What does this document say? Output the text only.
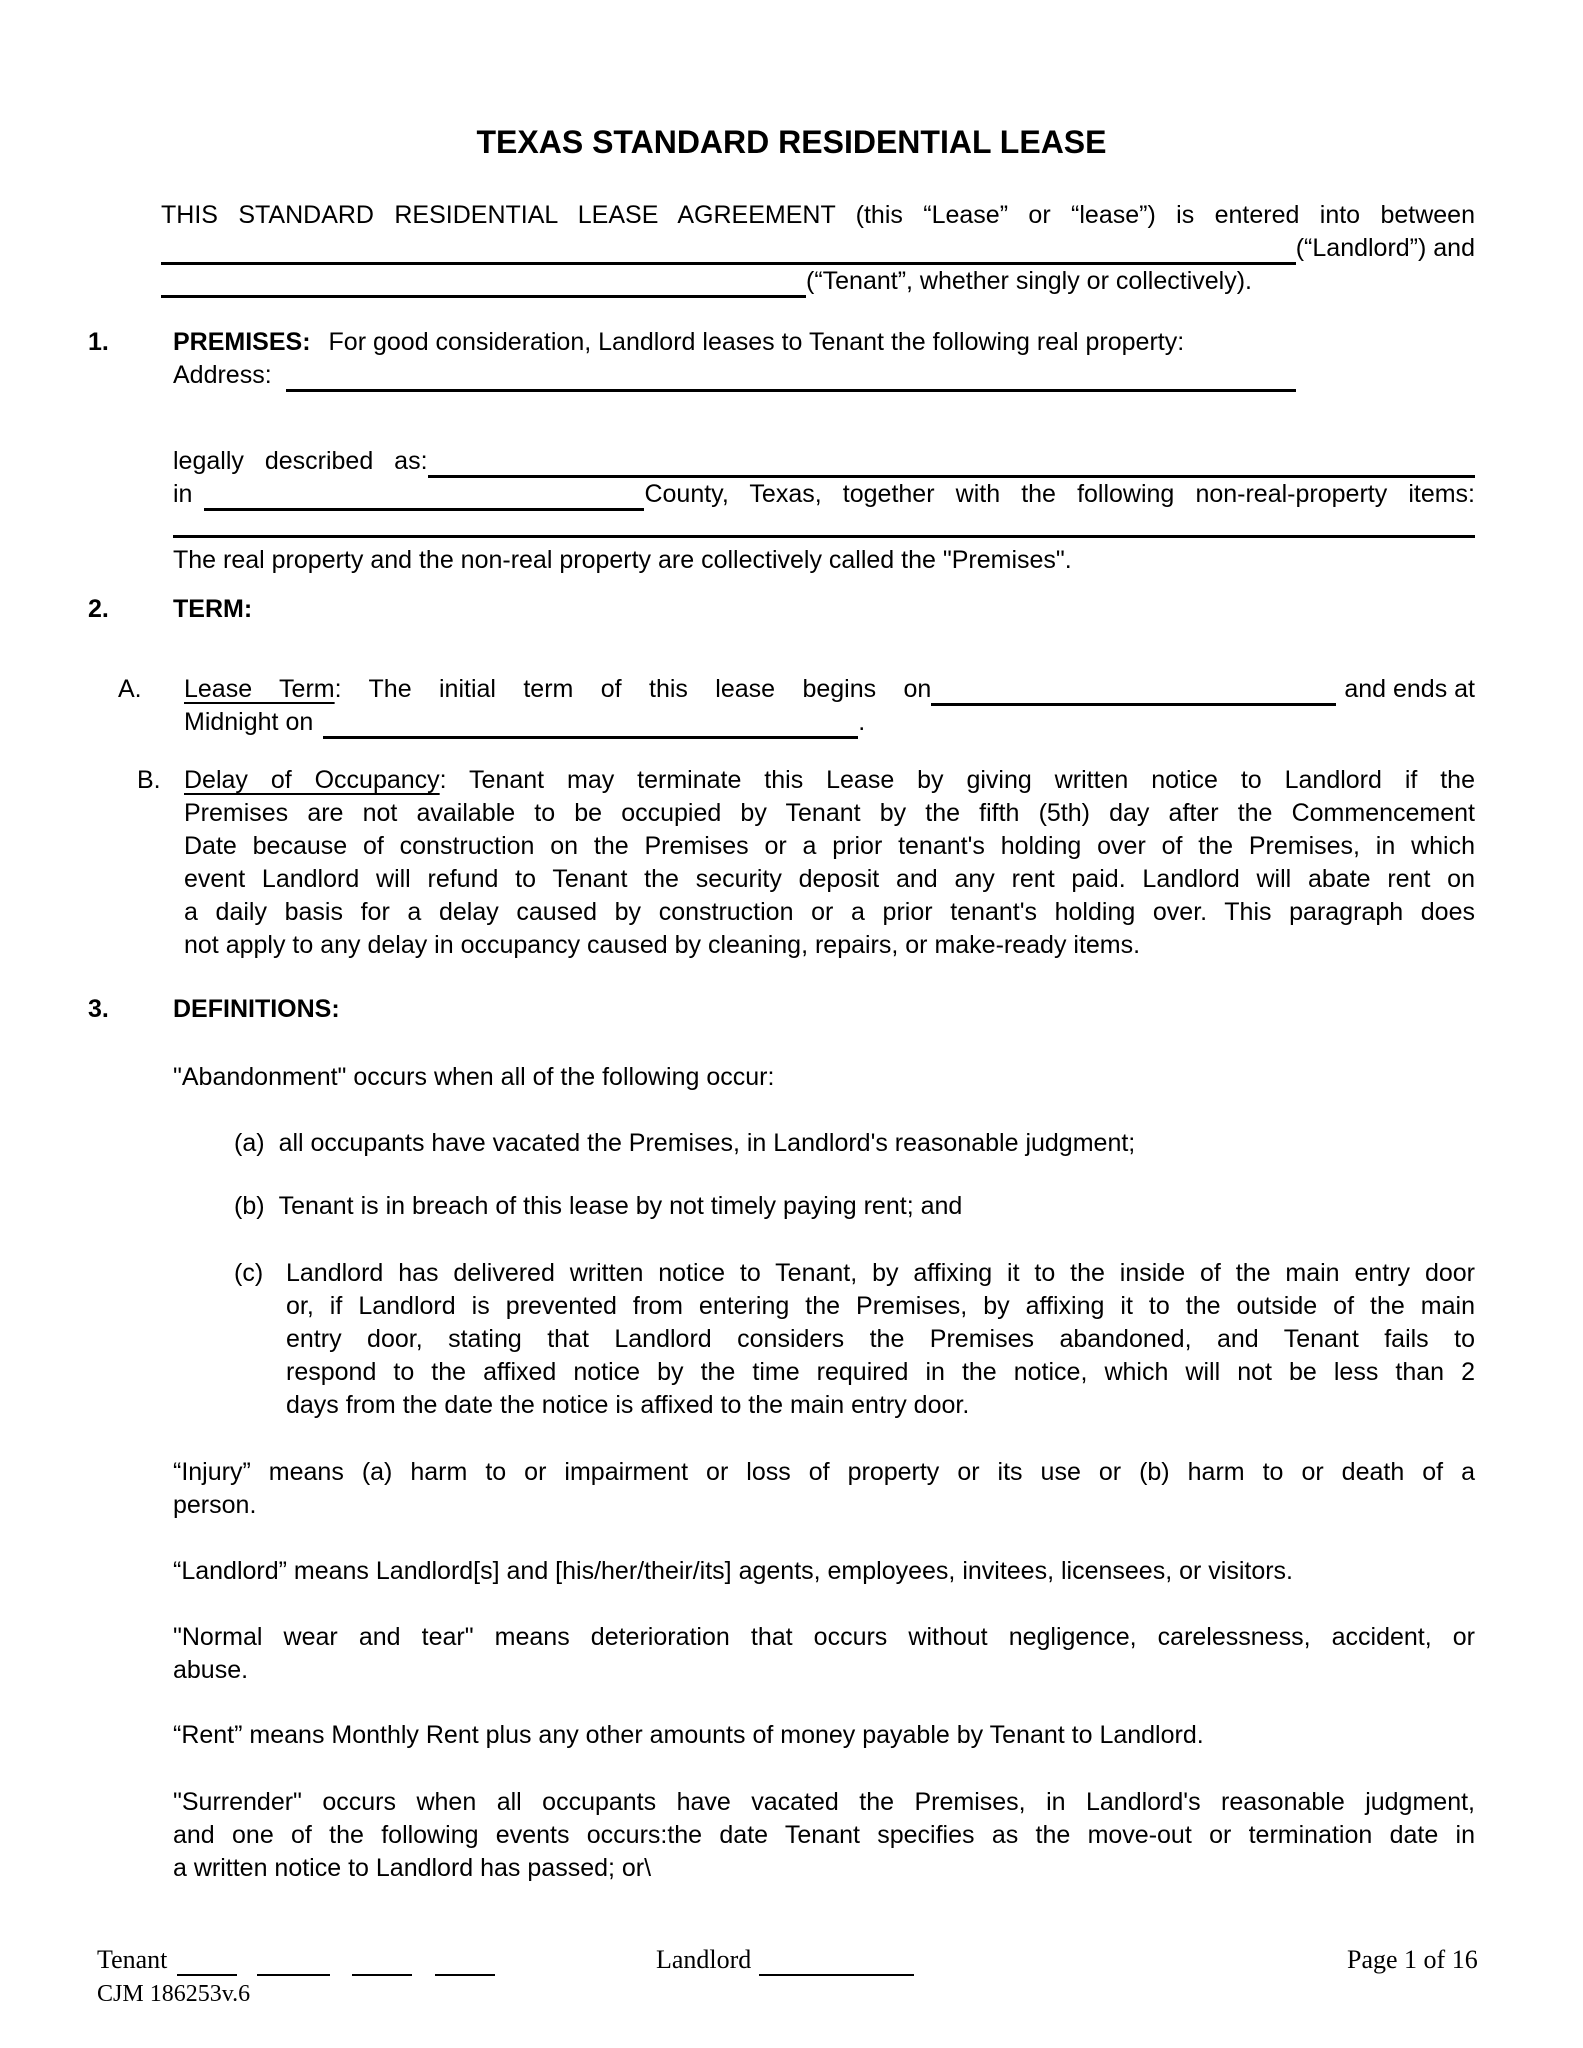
TEXAS STANDARD RESIDENTIAL LEASE
THIS STANDARD RESIDENTIAL LEASE AGREEMENT (this “Lease” or “lease”) is entered into between
(“Landlord”) and
(“Tenant”, whether singly or collectively).
1.	PREMISES: For good consideration, Landlord leases to Tenant the following real property:
Address:
legally described as:
in	County, Texas, together with the following non-real-property items:
The real property and the non-real property are collectively called the "Premises".
2.	TERM:
A. Lease Term: The initial term of this lease begins on	and ends at
Midnight on	.
B. Delay of Occupancy: Tenant may terminate this Lease by giving written notice to Landlord if the
Premises are not available to be occupied by Tenant by the fifth (5th) day after the Commencement
Date because of construction on the Premises or a prior tenant's holding over of the Premises, in which
event Landlord will refund to Tenant the security deposit and any rent paid. Landlord will abate rent on
a daily basis for a delay caused by construction or a prior tenant's holding over. This paragraph does
not apply to any delay in occupancy caused by cleaning, repairs, or make-ready items.
3.	DEFINITIONS:
"Abandonment" occurs when all of the following occur:
(a) all occupants have vacated the Premises, in Landlord's reasonable judgment;
(b) Tenant is in breach of this lease by not timely paying rent; and
(c) Landlord has delivered written notice to Tenant, by affixing it to the inside of the main entry door
or, if Landlord is prevented from entering the Premises, by affixing it to the outside of the main
entry door, stating that Landlord considers the Premises abandoned, and Tenant fails to
respond to the affixed notice by the time required in the notice, which will not be less than 2
days from the date the notice is affixed to the main entry door.
“Injury” means (a) harm to or impairment or loss of property or its use or (b) harm to or death of a
person.
“Landlord” means Landlord[s] and [his/her/their/its] agents, employees, invitees, licensees, or visitors.
"Normal wear and tear" means deterioration that occurs without negligence, carelessness, accident, or
abuse.
“Rent” means Monthly Rent plus any other amounts of money payable by Tenant to Landlord.
"Surrender" occurs when all occupants have vacated the Premises, in Landlord's reasonable judgment,
and one of the following events occurs:the date Tenant specifies as the move-out or termination date in
a written notice to Landlord has passed; or\
Tenant	Landlord	Page 1 of 16
CJM 186253v.6
